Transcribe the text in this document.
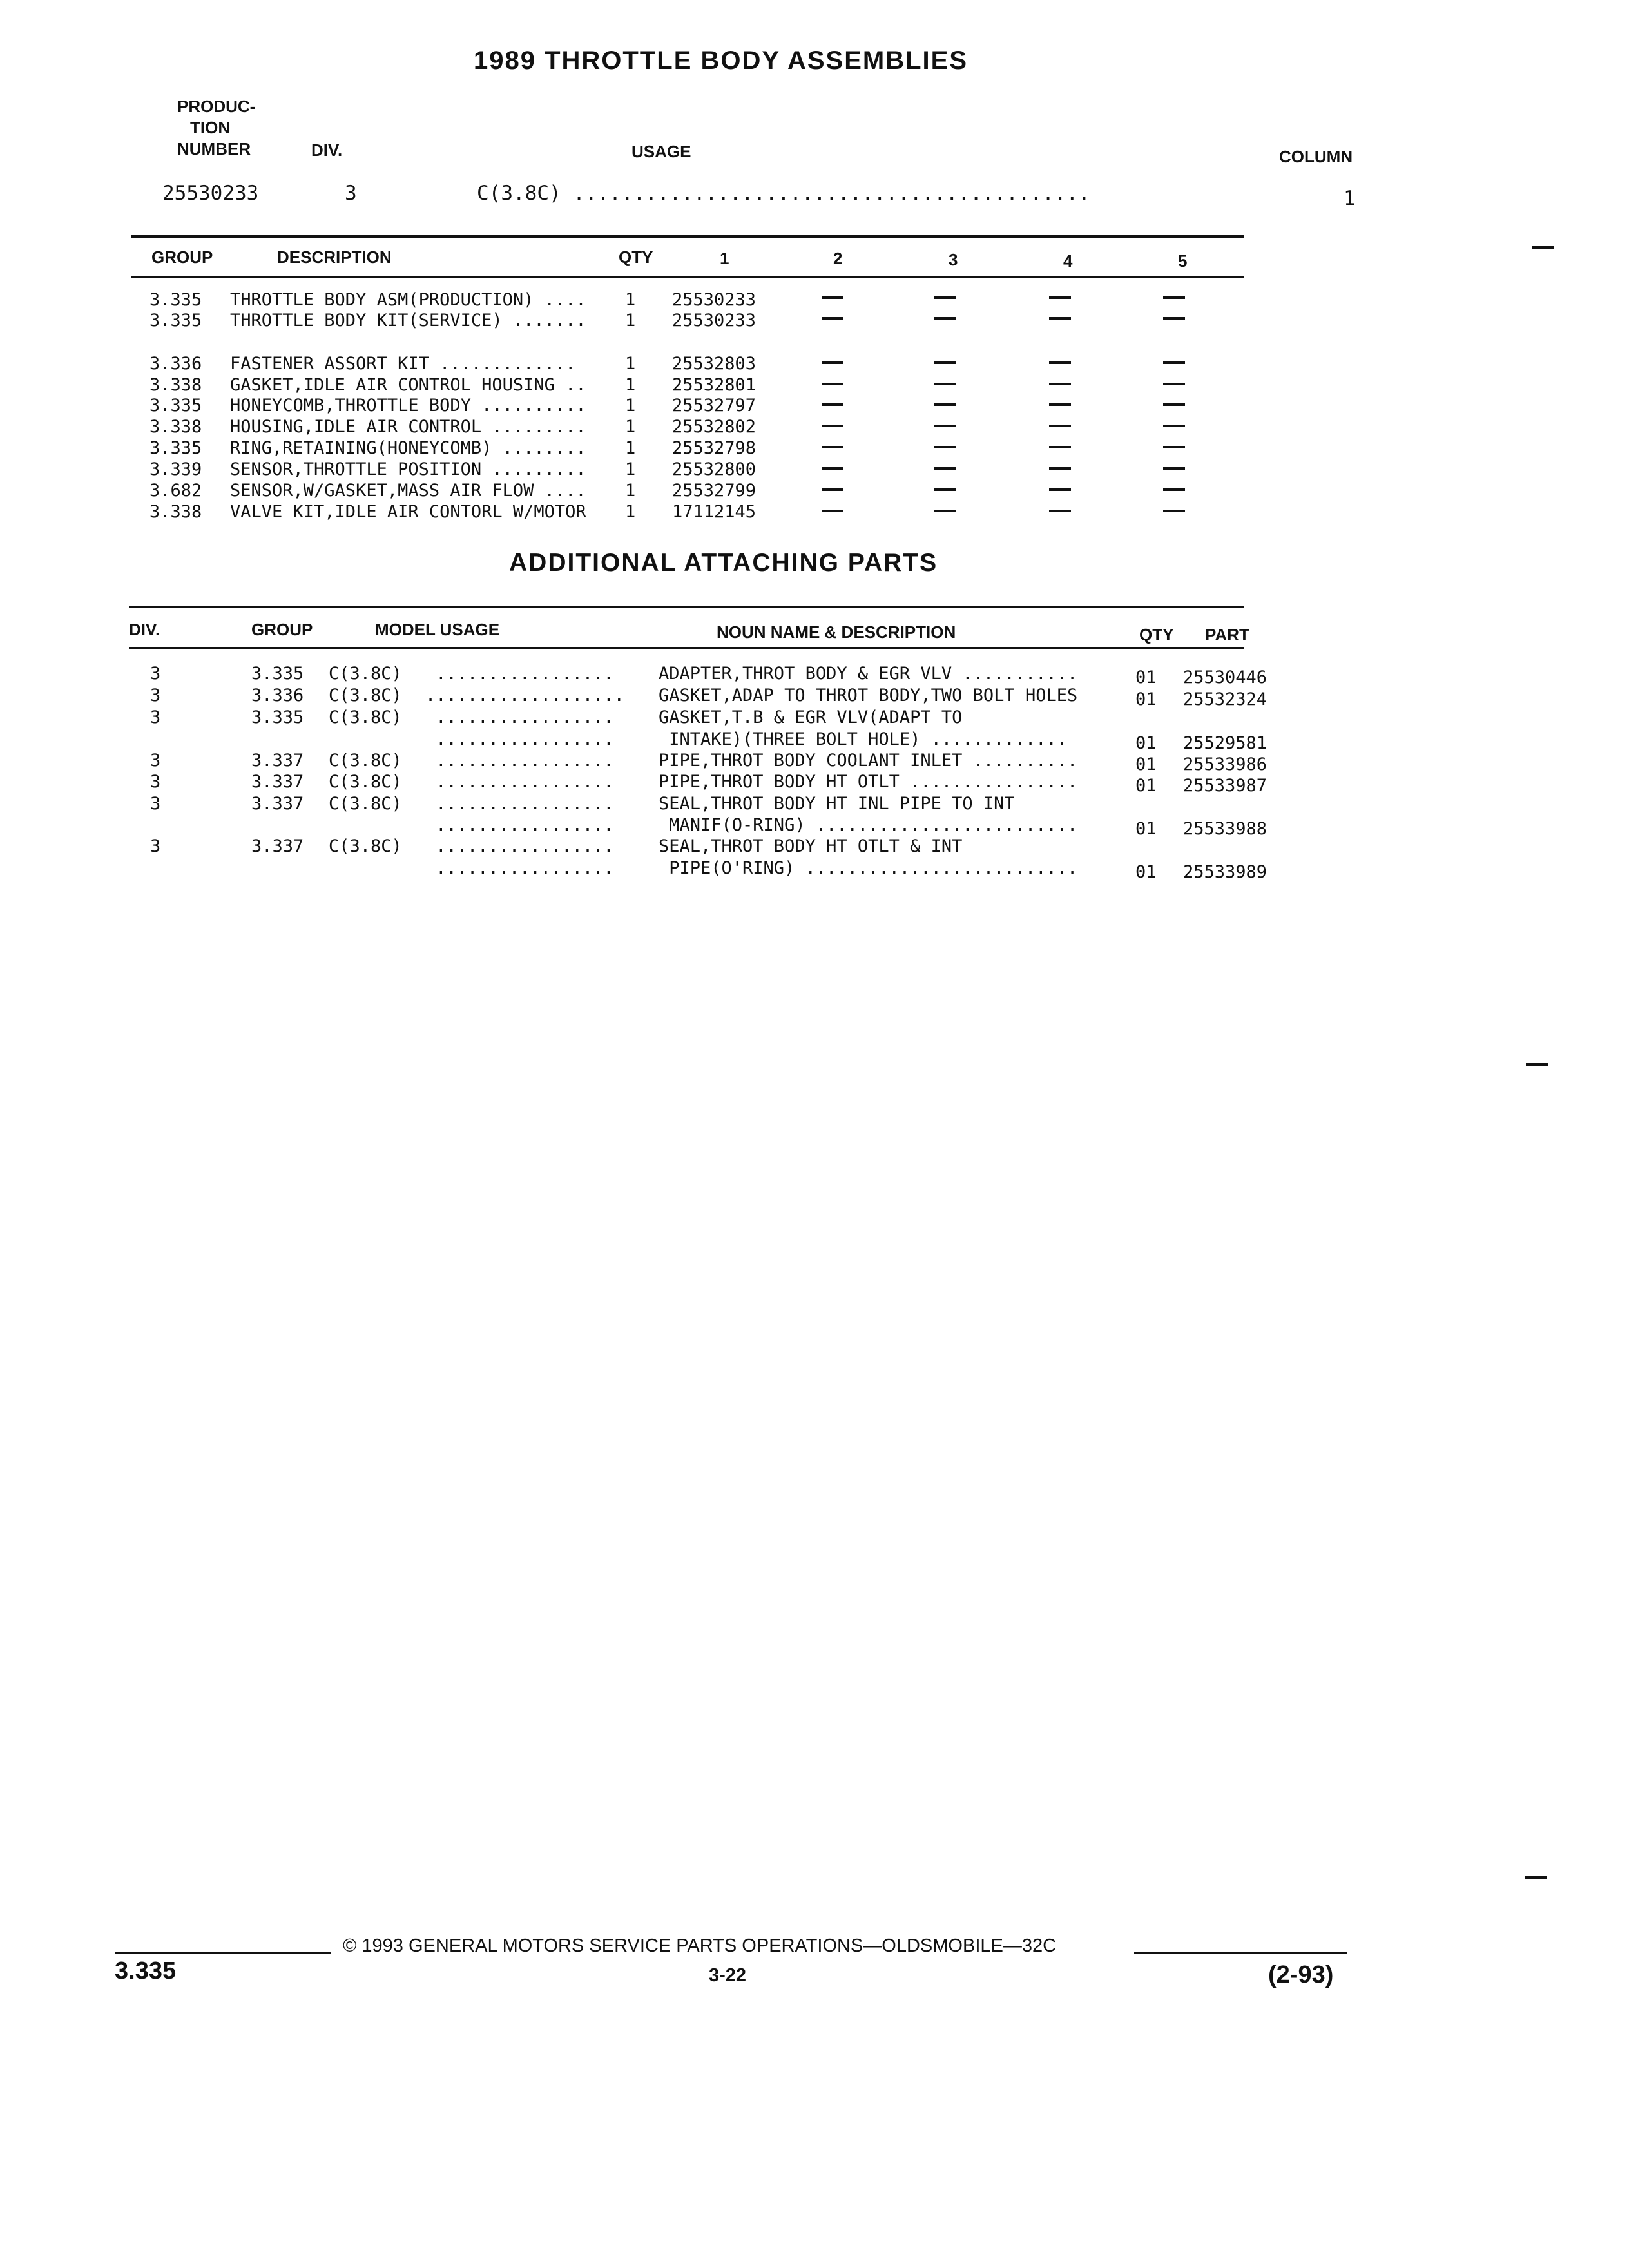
1989 THROTTLE BODY ASSEMBLIES
PRODUC-
TION
NUMBER	DIV.	USAGE	COLUMN
25530233	3	C(3.8C) ...........................................	1
GROUP	DESCRIPTION	QTY	1	2	3	4	5
3.335 THROTTLE BODY ASM(PRODUCTION) .... 1 25530233
3.335 THROTTLE BODY KIT(SERVICE) ....... 1 25530233
3.336 FASTENER ASSORT KIT .............	1 25532803
3.338 GASKET,IDLE AIR CONTROL HOUSING .. 1 25532801
3.335 HONEYCOMB,THROTTLE BODY .......... 1 25532797
3.338 HOUSING,IDLE AIR CONTROL ......... 1 25532802
3.335 RING,RETAINING(HONEYCOMB) ........ 1 25532798
3.339 SENSOR,THROTTLE POSITION ......... 1 25532800
3.682 SENSOR,W/GASKET,MASS AIR FLOW .... 1 25532799
3.338 VALVE KIT,IDLE AIR CONTORL W/MOTOR 1 17112145
ADDITIONAL ATTACHING PARTS
DIV.	GROUP	MODEL USAGE	NOUN NAME & DESCRIPTION	QTY PART
3	3.335 C(3.8C) .................	ADAPTER,THROT BODY & EGR VLV ...........	01 25530446
3	3.336 C(3.8C) ................... GASKET,ADAP TO THROT BODY,TWO BOLT HOLES	01 25532324
3	3.335 C(3.8C) .................	GASKET,T.B & EGR VLV(ADAPT TO
.................	INTAKE)(THREE BOLT HOLE) .............	01 25529581
3	3.337 C(3.8C) .................	PIPE,THROT BODY COOLANT INLET ..........	01 25533986
3	3.337 C(3.8C) .................	PIPE,THROT BODY HT OTLT ................	01 25533987
3	3.337 C(3.8C) .................	SEAL,THROT BODY HT INL PIPE TO INT
.................	MANIF(O-RING) .........................	01 25533988
3	3.337 C(3.8C) .................	SEAL,THROT BODY HT OTLT & INT
.................	PIPE(O'RING) ..........................	01 25533989
© 1993 GENERAL MOTORS SERVICE PARTS OPERATIONS—OLDSMOBILE—32C
3.335	3-22	(2-93)
